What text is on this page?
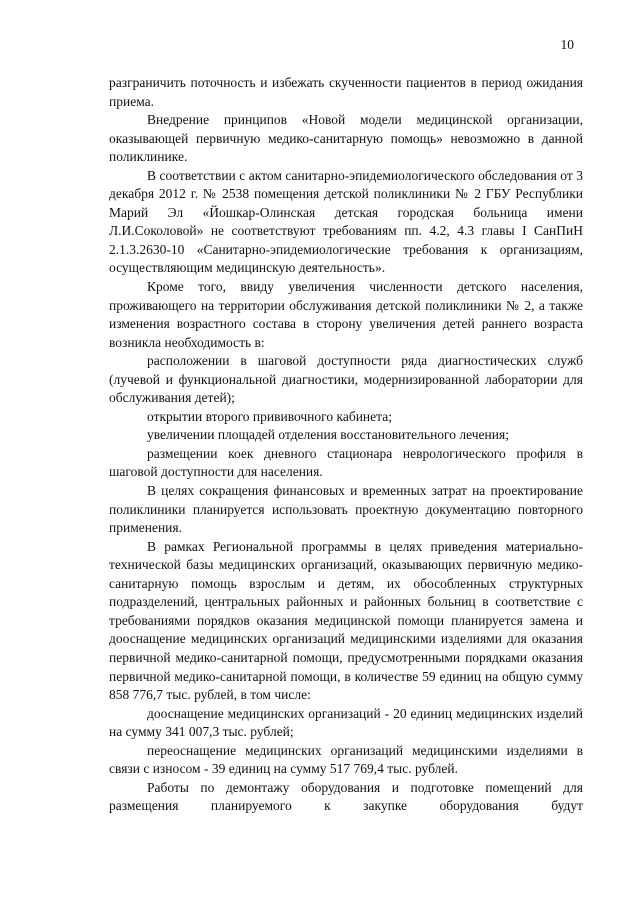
10

разграничить поточность и избежать скученности пациентов в период ожидания приема.

Внедрение принципов «Новой модели медицинской организации, оказывающей первичную медико-санитарную помощь» невозможно в данной поликлинике.

В соответствии с актом санитарно-эпидемиологического обследования от 3 декабря 2012 г. № 2538 помещения детской поликлиники № 2 ГБУ Республики Марий Эл «Йошкар-Олинская детская городская больница имени Л.И.Соколовой» не соответствуют требованиям пп. 4.2, 4.3 главы I СанПиН 2.1.3.2630-10 «Санитарно-эпидемиологические требования к организациям, осуществляющим медицинскую деятельность».

Кроме того, ввиду увеличения численности детского населения, проживающего на территории обслуживания детской поликлиники № 2, а также изменения возрастного состава в сторону увеличения детей раннего возраста возникла необходимость в:

расположении в шаговой доступности ряда диагностических служб (лучевой и функциональной диагностики, модернизированной лаборатории для обслуживания детей);

открытии второго прививочного кабинета;

увеличении площадей отделения восстановительного лечения;

размещении коек дневного стационара неврологического профиля в шаговой доступности для населения.

В целях сокращения финансовых и временных затрат на проектирование поликлиники планируется использовать проектную документацию повторного применения.

В рамках Региональной программы в целях приведения материально-технической базы медицинских организаций, оказывающих первичную медико-санитарную помощь взрослым и детям, их обособленных структурных подразделений, центральных районных и районных больниц в соответствие с требованиями порядков оказания медицинской помощи планируется замена и дооснащение медицинских организаций медицинскими изделиями для оказания первичной медико-санитарной помощи, предусмотренными порядками оказания первичной медико-санитарной помощи, в количестве 59 единиц на общую сумму 858 776,7 тыс. рублей, в том числе:

дооснащение медицинских организаций - 20 единиц медицинских изделий на сумму 341 007,3 тыс. рублей;

переоснащение медицинских организаций медицинскими изделиями в связи с износом - 39 единиц на сумму 517 769,4 тыс. рублей.

Работы по демонтажу оборудования и подготовке помещений для размещения планируемого к закупке оборудования будут
